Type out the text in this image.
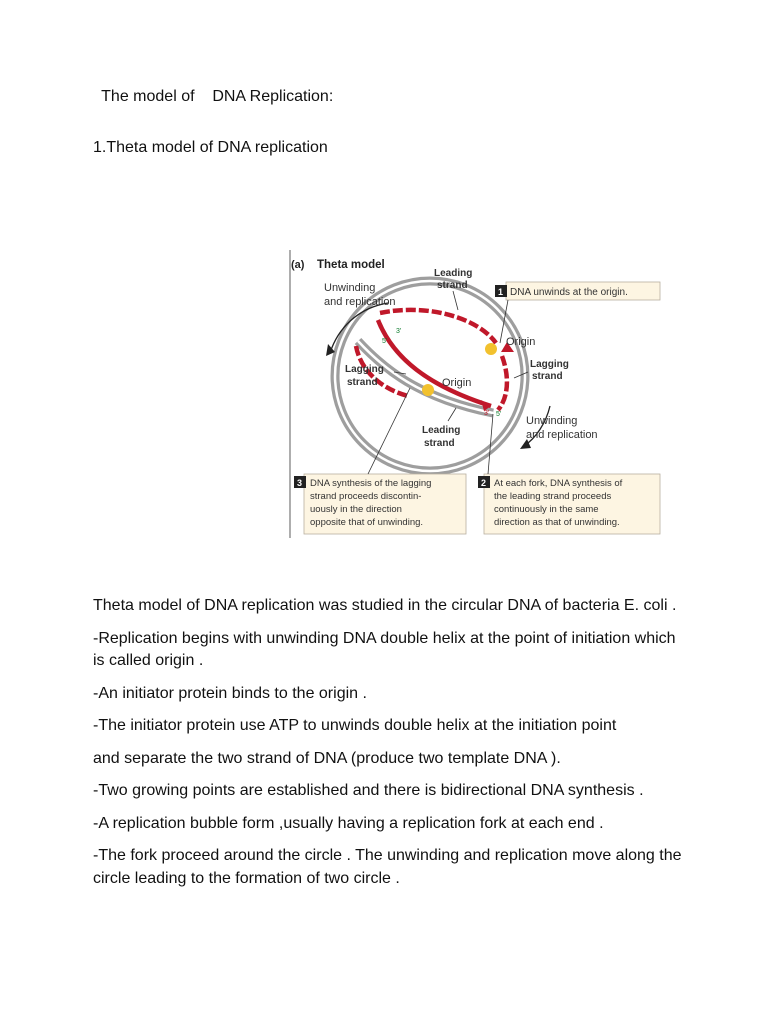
The model of    DNA Replication:
1.Theta model of DNA replication
(a) Theta model
Unwinding
and replication
Leading
strand
Origin
Lagging
strand
Lagging
strand	Origin
Leading
strand
Unwinding
and replication
3'
5'
3' 5'
1 DNA unwinds at the origin.
3 DNA synthesis of the lagging
strand proceeds discontin-
uously in the direction
opposite that of unwinding.
2 At each fork, DNA synthesis of
the leading strand proceeds
continuously in the same
direction as that of unwinding.

Theta model of DNA replication was studied in the circular DNA of bacteria E. coli .

-Replication begins with unwinding DNA double helix at the point of initiation which is called origin .

-An initiator protein binds to the origin .

-The initiator protein use ATP to unwinds double helix at the initiation point

and separate the two strand of DNA (produce two template DNA ).

-Two growing points are established and there is bidirectional DNA synthesis .

-A replication bubble form ,usually having a replication fork at each end .

-The fork proceed around the circle . The unwinding and replication move along the circle leading to the formation of two circle .
